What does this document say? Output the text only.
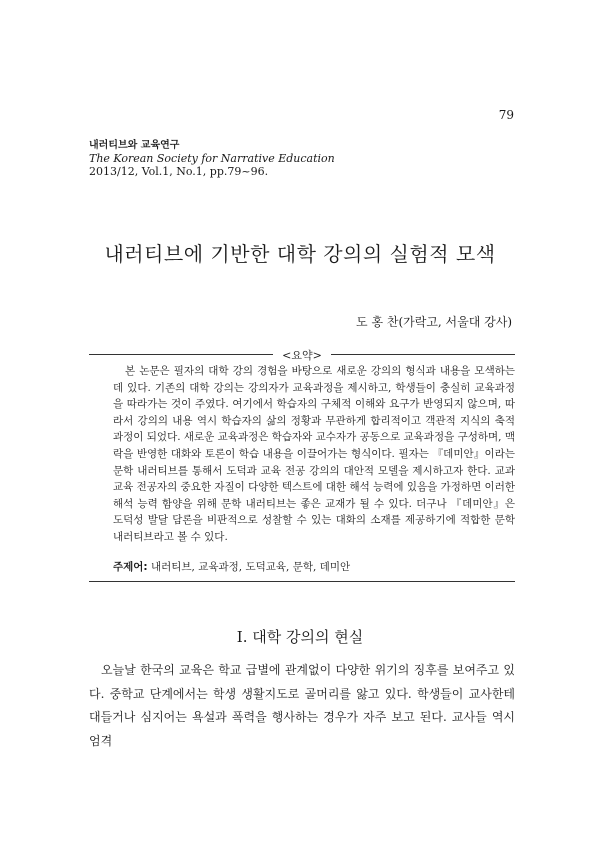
79
내러티브와 교육연구
The Korean Society for Narrative Education
2013/12, Vol.1, No.1, pp.79~96.
내러티브에 기반한 대학 강의의 실험적 모색
도 홍 찬(가락고, 서울대 강사)
<요약>

본 논문은 필자의 대학 강의 경험을 바탕으로 새로운 강의의 형식과 내용을 모색하는 데 있다. 기존의 대학 강의는 강의자가 교육과정을 제시하고, 학생들이 충실히 교육과정을 따라가는 것이 주였다. 여기에서 학습자의 구체적 이해와 요구가 반영되지 않으며, 따라서 강의의 내용 역시 학습자의 삶의 정황과 무관하게 합리적이고 객관적 지식의 축적 과정이 되었다. 새로운 교육과정은 학습자와 교수자가 공동으로 교육과정을 구성하며, 맥락을 반영한 대화와 토론이 학습 내용을 이끌어가는 형식이다. 필자는 『데미안』이라는 문학 내러티브를 통해서 도덕과 교육 전공 강의의 대안적 모델을 제시하고자 한다. 교과 교육 전공자의 중요한 자질이 다양한 텍스트에 대한 해석 능력에 있음을 가정하면 이러한 해석 능력 함양을 위해 문학 내러티브는 좋은 교재가 될 수 있다. 더구나 『데미안』은 도덕성 발달 담론을 비판적으로 성찰할 수 있는 대화의 소재를 제공하기에 적합한 문학 내러티브라고 볼 수 있다.

주제어: 내러티브, 교육과정, 도덕교육, 문학, 데미안
Ⅰ. 대학 강의의 현실

오늘날 한국의 교육은 학교 급별에 관계없이 다양한 위기의 징후를 보여주고 있다. 중학교 단계에서는 학생 생활지도로 골머리를 앓고 있다. 학생들이 교사한테 대들거나 심지어는 욕설과 폭력을 행사하는 경우가 자주 보고 된다. 교사들 역시 엄격
